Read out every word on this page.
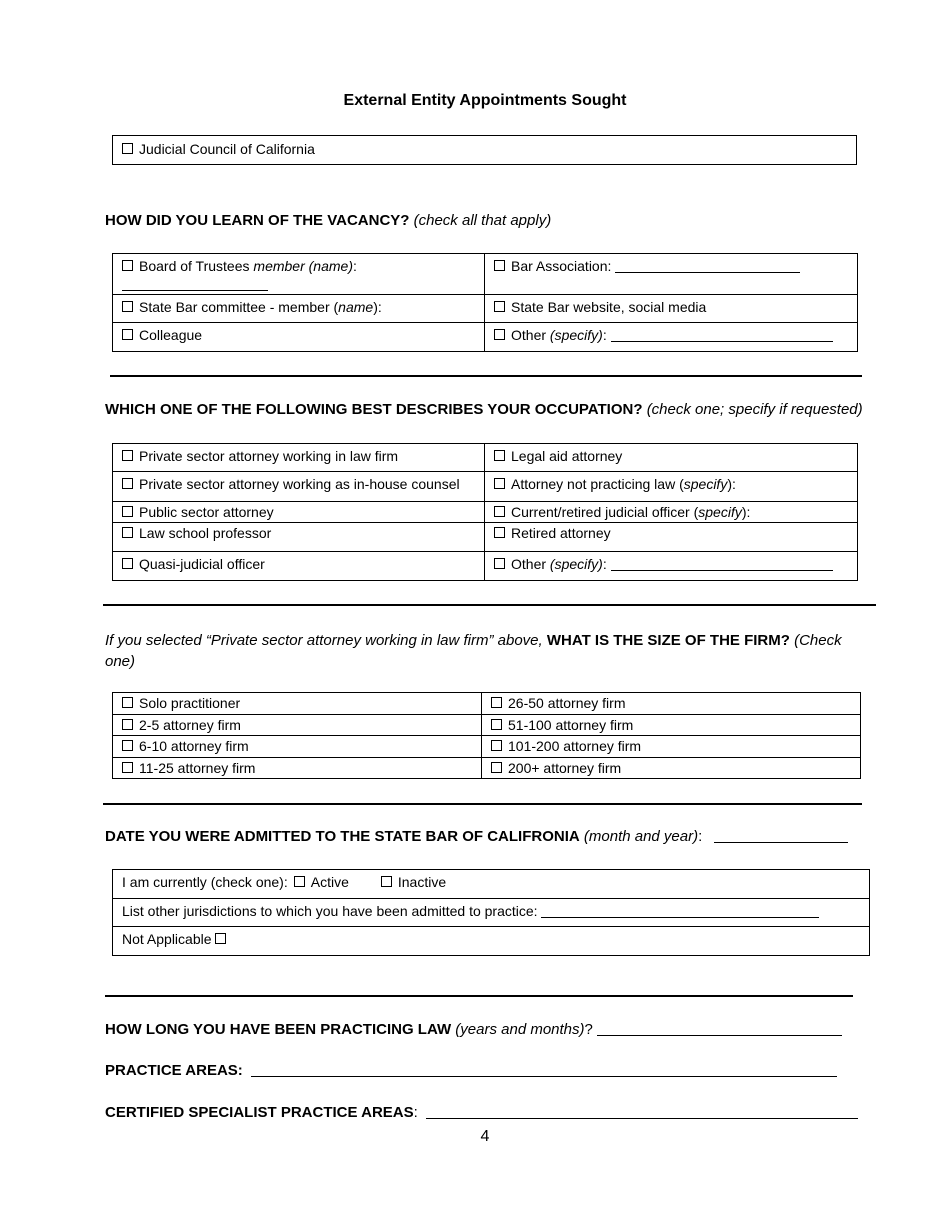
External Entity Appointments Sought
Judicial Council of California
HOW DID YOU LEARN OF THE VACANCY? (check all that apply)
Board of Trustees member (name):	Bar Association:

State Bar committee - member (name):	State Bar website, social media

Colleague	Other (specify):
WHICH ONE OF THE FOLLOWING BEST DESCRIBES YOUR OCCUPATION? (check one; specify if requested)
Private sector attorney working in law firm	Legal aid attorney

Private sector attorney working as in-house counsel	Attorney not practicing law (specify):

Public sector attorney	Current/retired judicial officer (specify):

Law school professor	Retired attorney

Quasi-judicial officer	Other (specify):
If you selected “Private sector attorney working in law firm” above, WHAT IS THE SIZE OF THE FIRM? (Check
one)
Solo practitioner	26-50 attorney firm

2-5 attorney firm	51-100 attorney firm

6-10 attorney firm	101-200 attorney firm

11-25 attorney firm	200+ attorney firm
DATE YOU WERE ADMITTED TO THE STATE BAR OF CALIFRONIA (month and year):
I am currently (check one): Active	Inactive

List other jurisdictions to which you have been admitted to practice:

Not Applicable
HOW LONG YOU HAVE BEEN PRACTICING LAW (years and months)?
PRACTICE AREAS:
CERTIFIED SPECIALIST PRACTICE AREAS:
4
